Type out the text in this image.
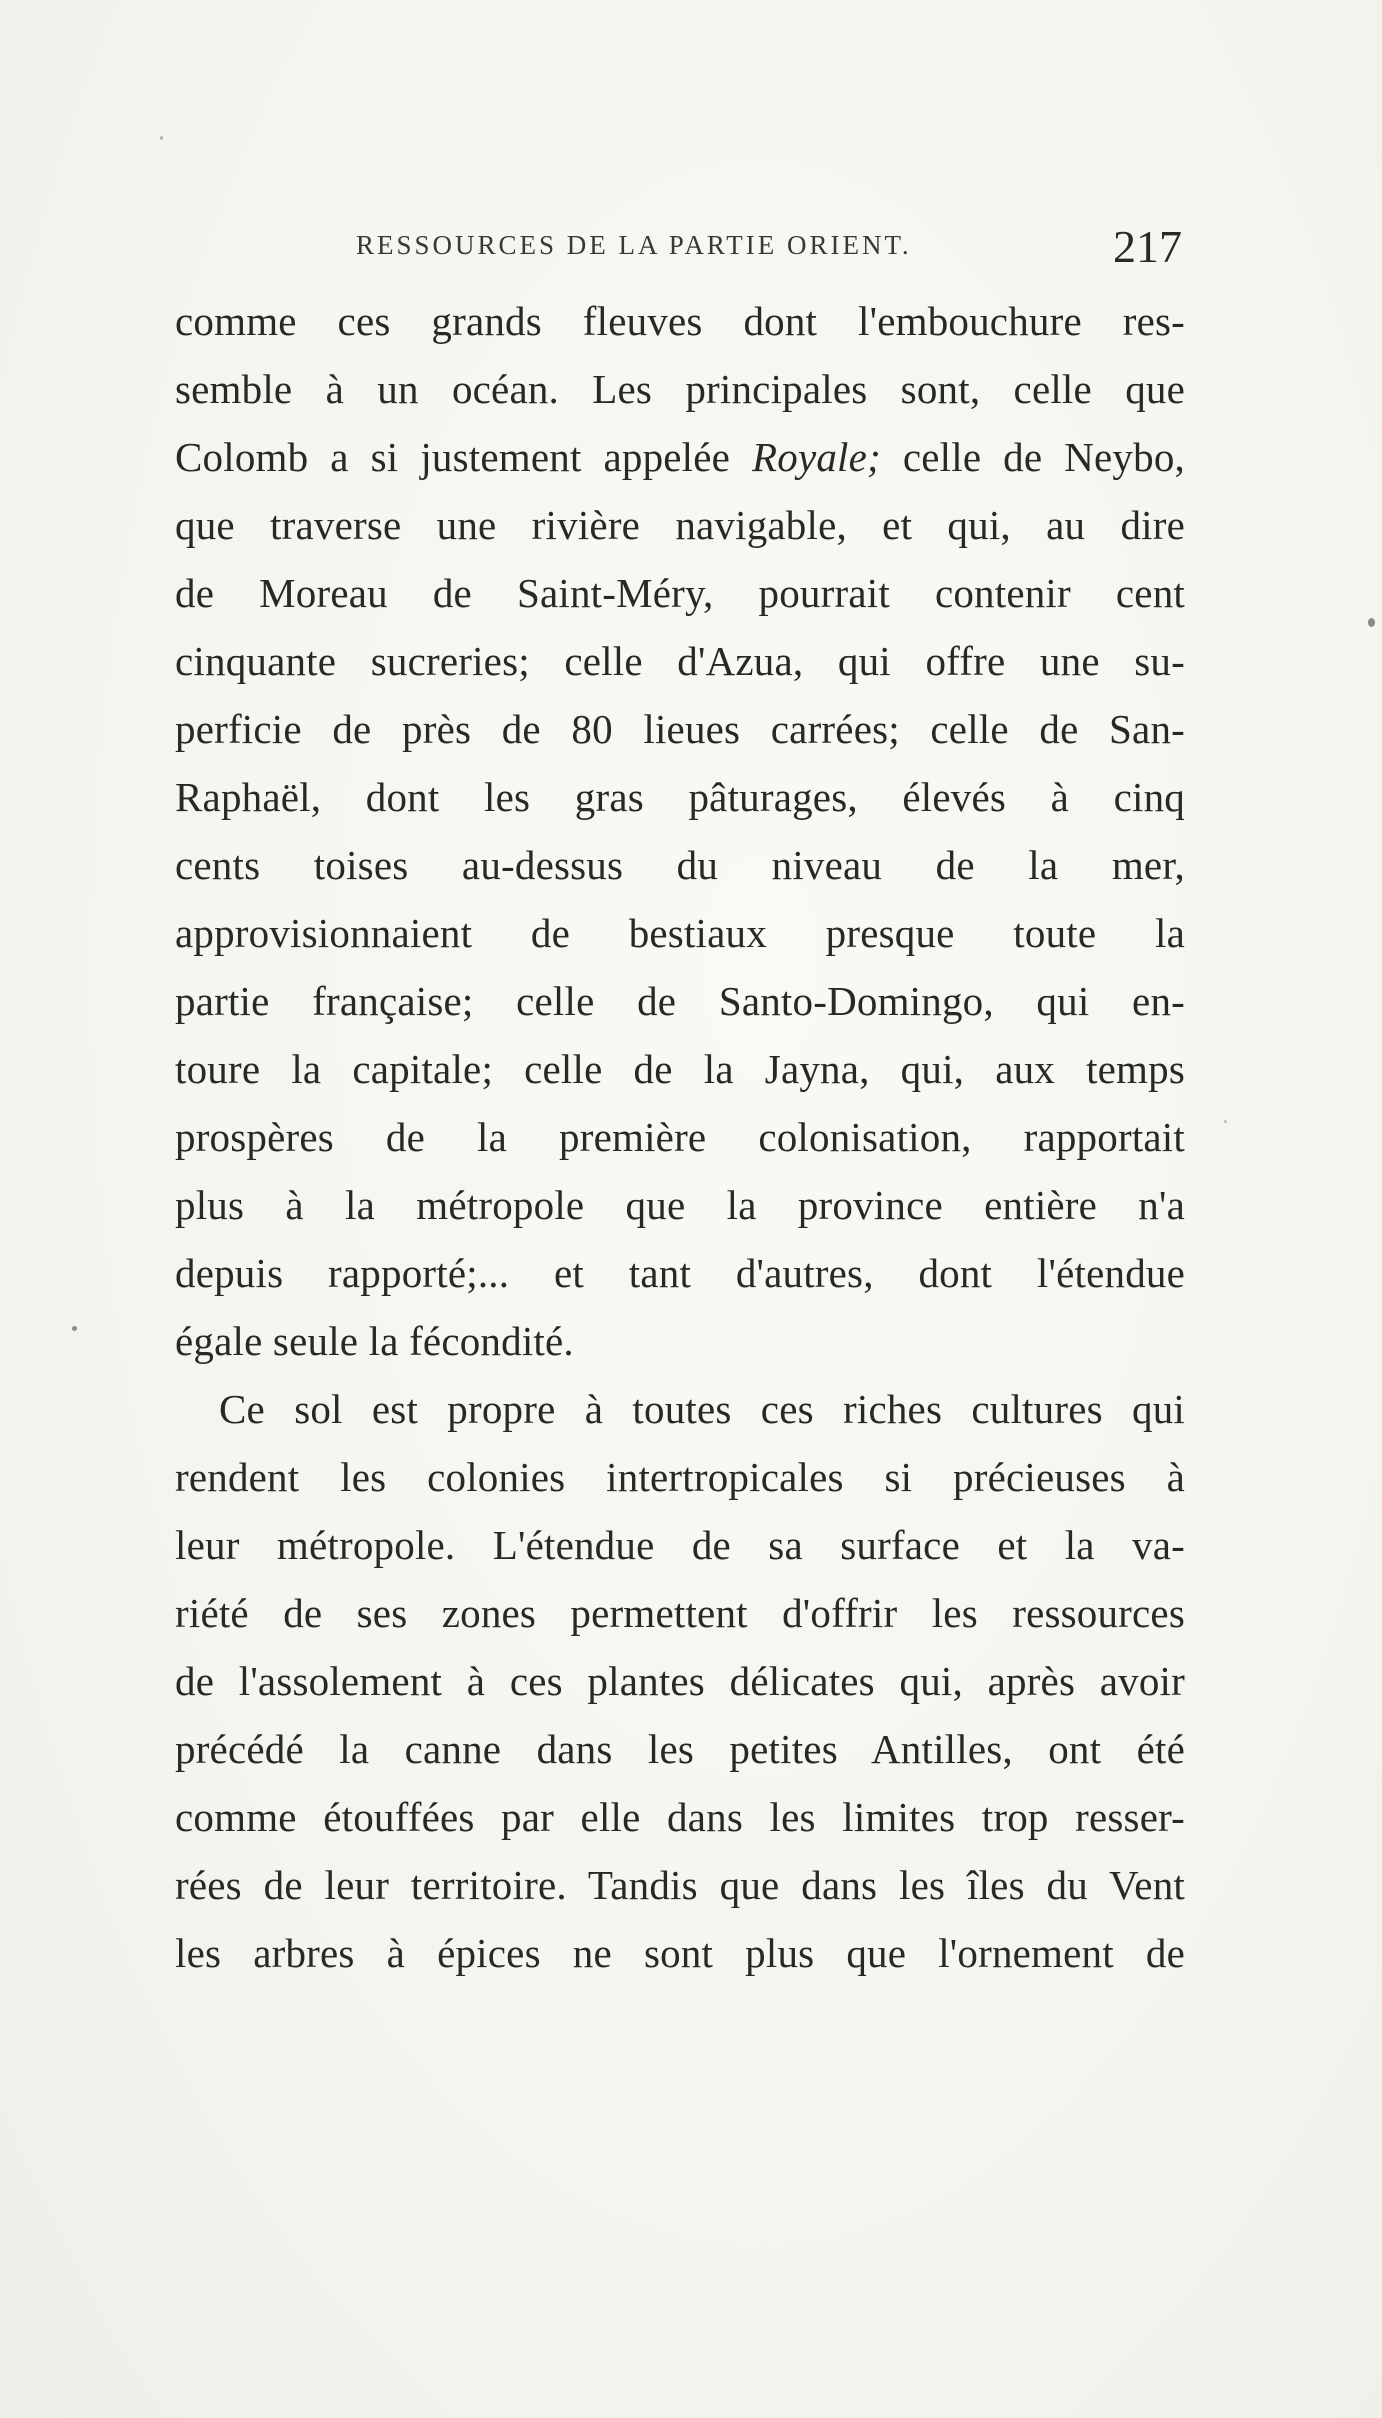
RESSOURCES DE LA PARTIE ORIENT.	217
comme ces grands fleuves dont l'embouchure res-
semble à un océan. Les principales sont, celle que
Colomb a si justement appelée Royale; celle de Neybo,
que traverse une rivière navigable, et qui, au dire
de Moreau de Saint-Méry, pourrait contenir cent
cinquante sucreries; celle d'Azua, qui offre une su-
perficie de près de 80 lieues carrées; celle de San-
Raphaël, dont les gras pâturages, élevés à cinq
cents toises au-dessus du niveau de la mer,
approvisionnaient de bestiaux presque toute la
partie française; celle de Santo-Domingo, qui en-
toure la capitale; celle de la Jayna, qui, aux temps
prospères de la première colonisation, rapportait
plus à la métropole que la province entière n'a
depuis rapporté;... et tant d'autres, dont l'étendue
égale seule la fécondité.
Ce sol est propre à toutes ces riches cultures qui
rendent les colonies intertropicales si précieuses à
leur métropole. L'étendue de sa surface et la va-
riété de ses zones permettent d'offrir les ressources
de l'assolement à ces plantes délicates qui, après avoir
précédé la canne dans les petites Antilles, ont été
comme étouffées par elle dans les limites trop resser-
rées de leur territoire. Tandis que dans les îles du Vent
les arbres à épices ne sont plus que l'ornement de
